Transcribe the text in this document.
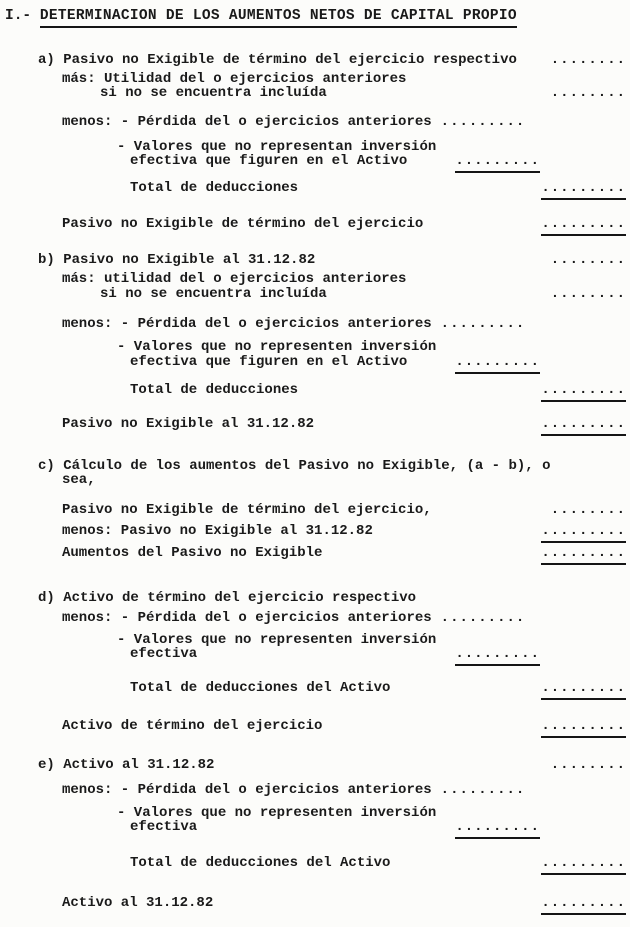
I.- DETERMINACION DE LOS AUMENTOS NETOS DE CAPITAL PROPIO
a) Pasivo no Exigible de término del ejercicio respectivo ........
más: Utilidad del o ejercicios anteriores
si no se encuentra incluída	........
menos: - Pérdida del o ejercicios anteriores .........
- Valores que no representan inversión
efectiva que figuren en el Activo	.........
Total de deducciones	.........
Pasivo no Exigible de término del ejercicio	.........
b) Pasivo no Exigible al 31.12.82	........
más: utilidad del o ejercicios anteriores
si no se encuentra incluída	........
menos: - Pérdida del o ejercicios anteriores .........
- Valores que no representen inversión
efectiva que figuren en el Activo	.........
Total de deducciones	.........
Pasivo no Exigible al 31.12.82	.........
c) Cálculo de los aumentos del Pasivo no Exigible, (a - b), o
sea,
Pasivo no Exigible de término del ejercicio,	........
menos: Pasivo no Exigible al 31.12.82	.........
Aumentos del Pasivo no Exigible	.........
d) Activo de término del ejercicio respectivo
menos: - Pérdida del o ejercicios anteriores .........
- Valores que no representen inversión
efectiva	.........
Total de deducciones del Activo	.........
Activo de término del ejercicio	.........
e) Activo al 31.12.82	........
menos: - Pérdida del o ejercicios anteriores .........
- Valores que no representen inversión
efectiva	.........
Total de deducciones del Activo	.........
Activo al 31.12.82	.........
